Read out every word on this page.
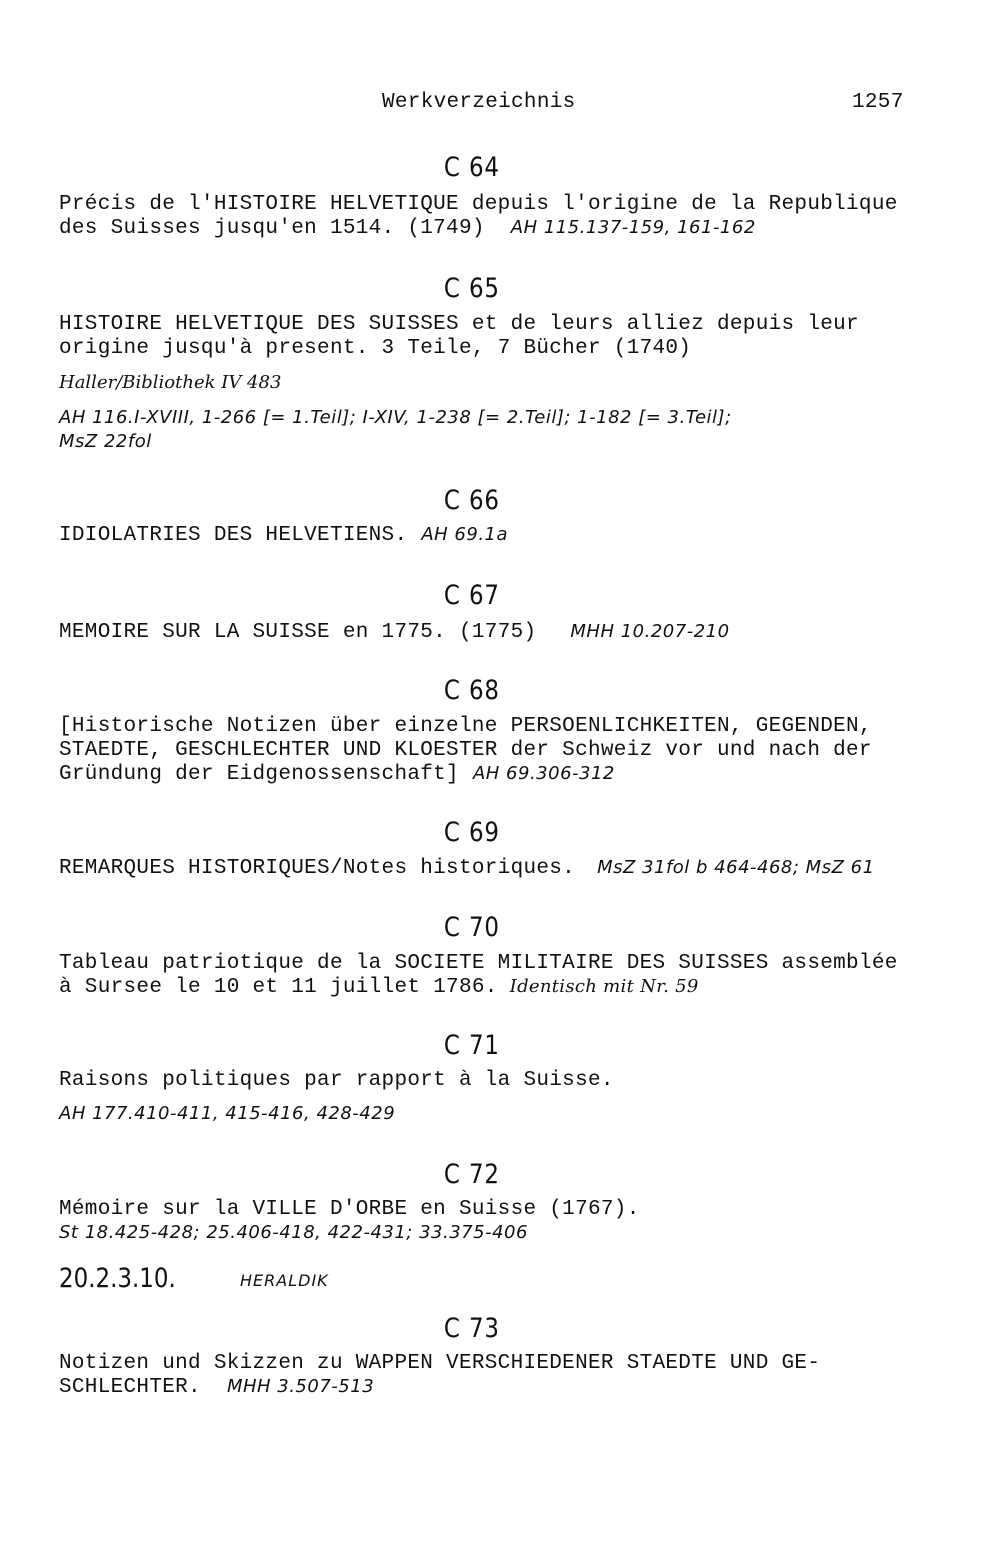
Werkverzeichnis	1257
C 64
Précis de l'HISTOIRE HELVETIQUE depuis l'origine de la Republique
des Suisses jusqu'en 1514. (1749) AH 115.137-159, 161-162
C 65
HISTOIRE HELVETIQUE DES SUISSES et de leurs alliez depuis leur
origine jusqu'à present. 3 Teile, 7 Bücher (1740)
Haller/Bibliothek IV 483
AH 116.I-XVIII, 1-266 [= 1.Teil]; I-XIV, 1-238 [= 2.Teil]; 1-182 [= 3.Teil];
MsZ 22fol
C 66
IDIOLATRIES DES HELVETIENS. AH 69.1a
C 67
MEMOIRE SUR LA SUISSE en 1775. (1775) MHH 10.207-210
C 68
[Historische Notizen über einzelne PERSOENLICHKEITEN, GEGENDEN,
STAEDTE, GESCHLECHTER UND KLOESTER der Schweiz vor und nach der
Gründung der Eidgenossenschaft] AH 69.306-312
C 69
REMARQUES HISTORIQUES/Notes historiques. MsZ 31fol b 464-468; MsZ 61
C 70
Tableau patriotique de la SOCIETE MILITAIRE DES SUISSES assemblée
à Sursee le 10 et 11 juillet 1786. Identisch mit Nr. 59
C 71
Raisons politiques par rapport à la Suisse.
AH 177.410-411, 415-416, 428-429
C 72
Mémoire sur la VILLE D'ORBE en Suisse (1767).
St 18.425-428; 25.406-418, 422-431; 33.375-406
20.2.3.10.	HERALDIK
C 73
Notizen und Skizzen zu WAPPEN VERSCHIEDENER STAEDTE UND GE-
SCHLECHTER. MHH 3.507-513
